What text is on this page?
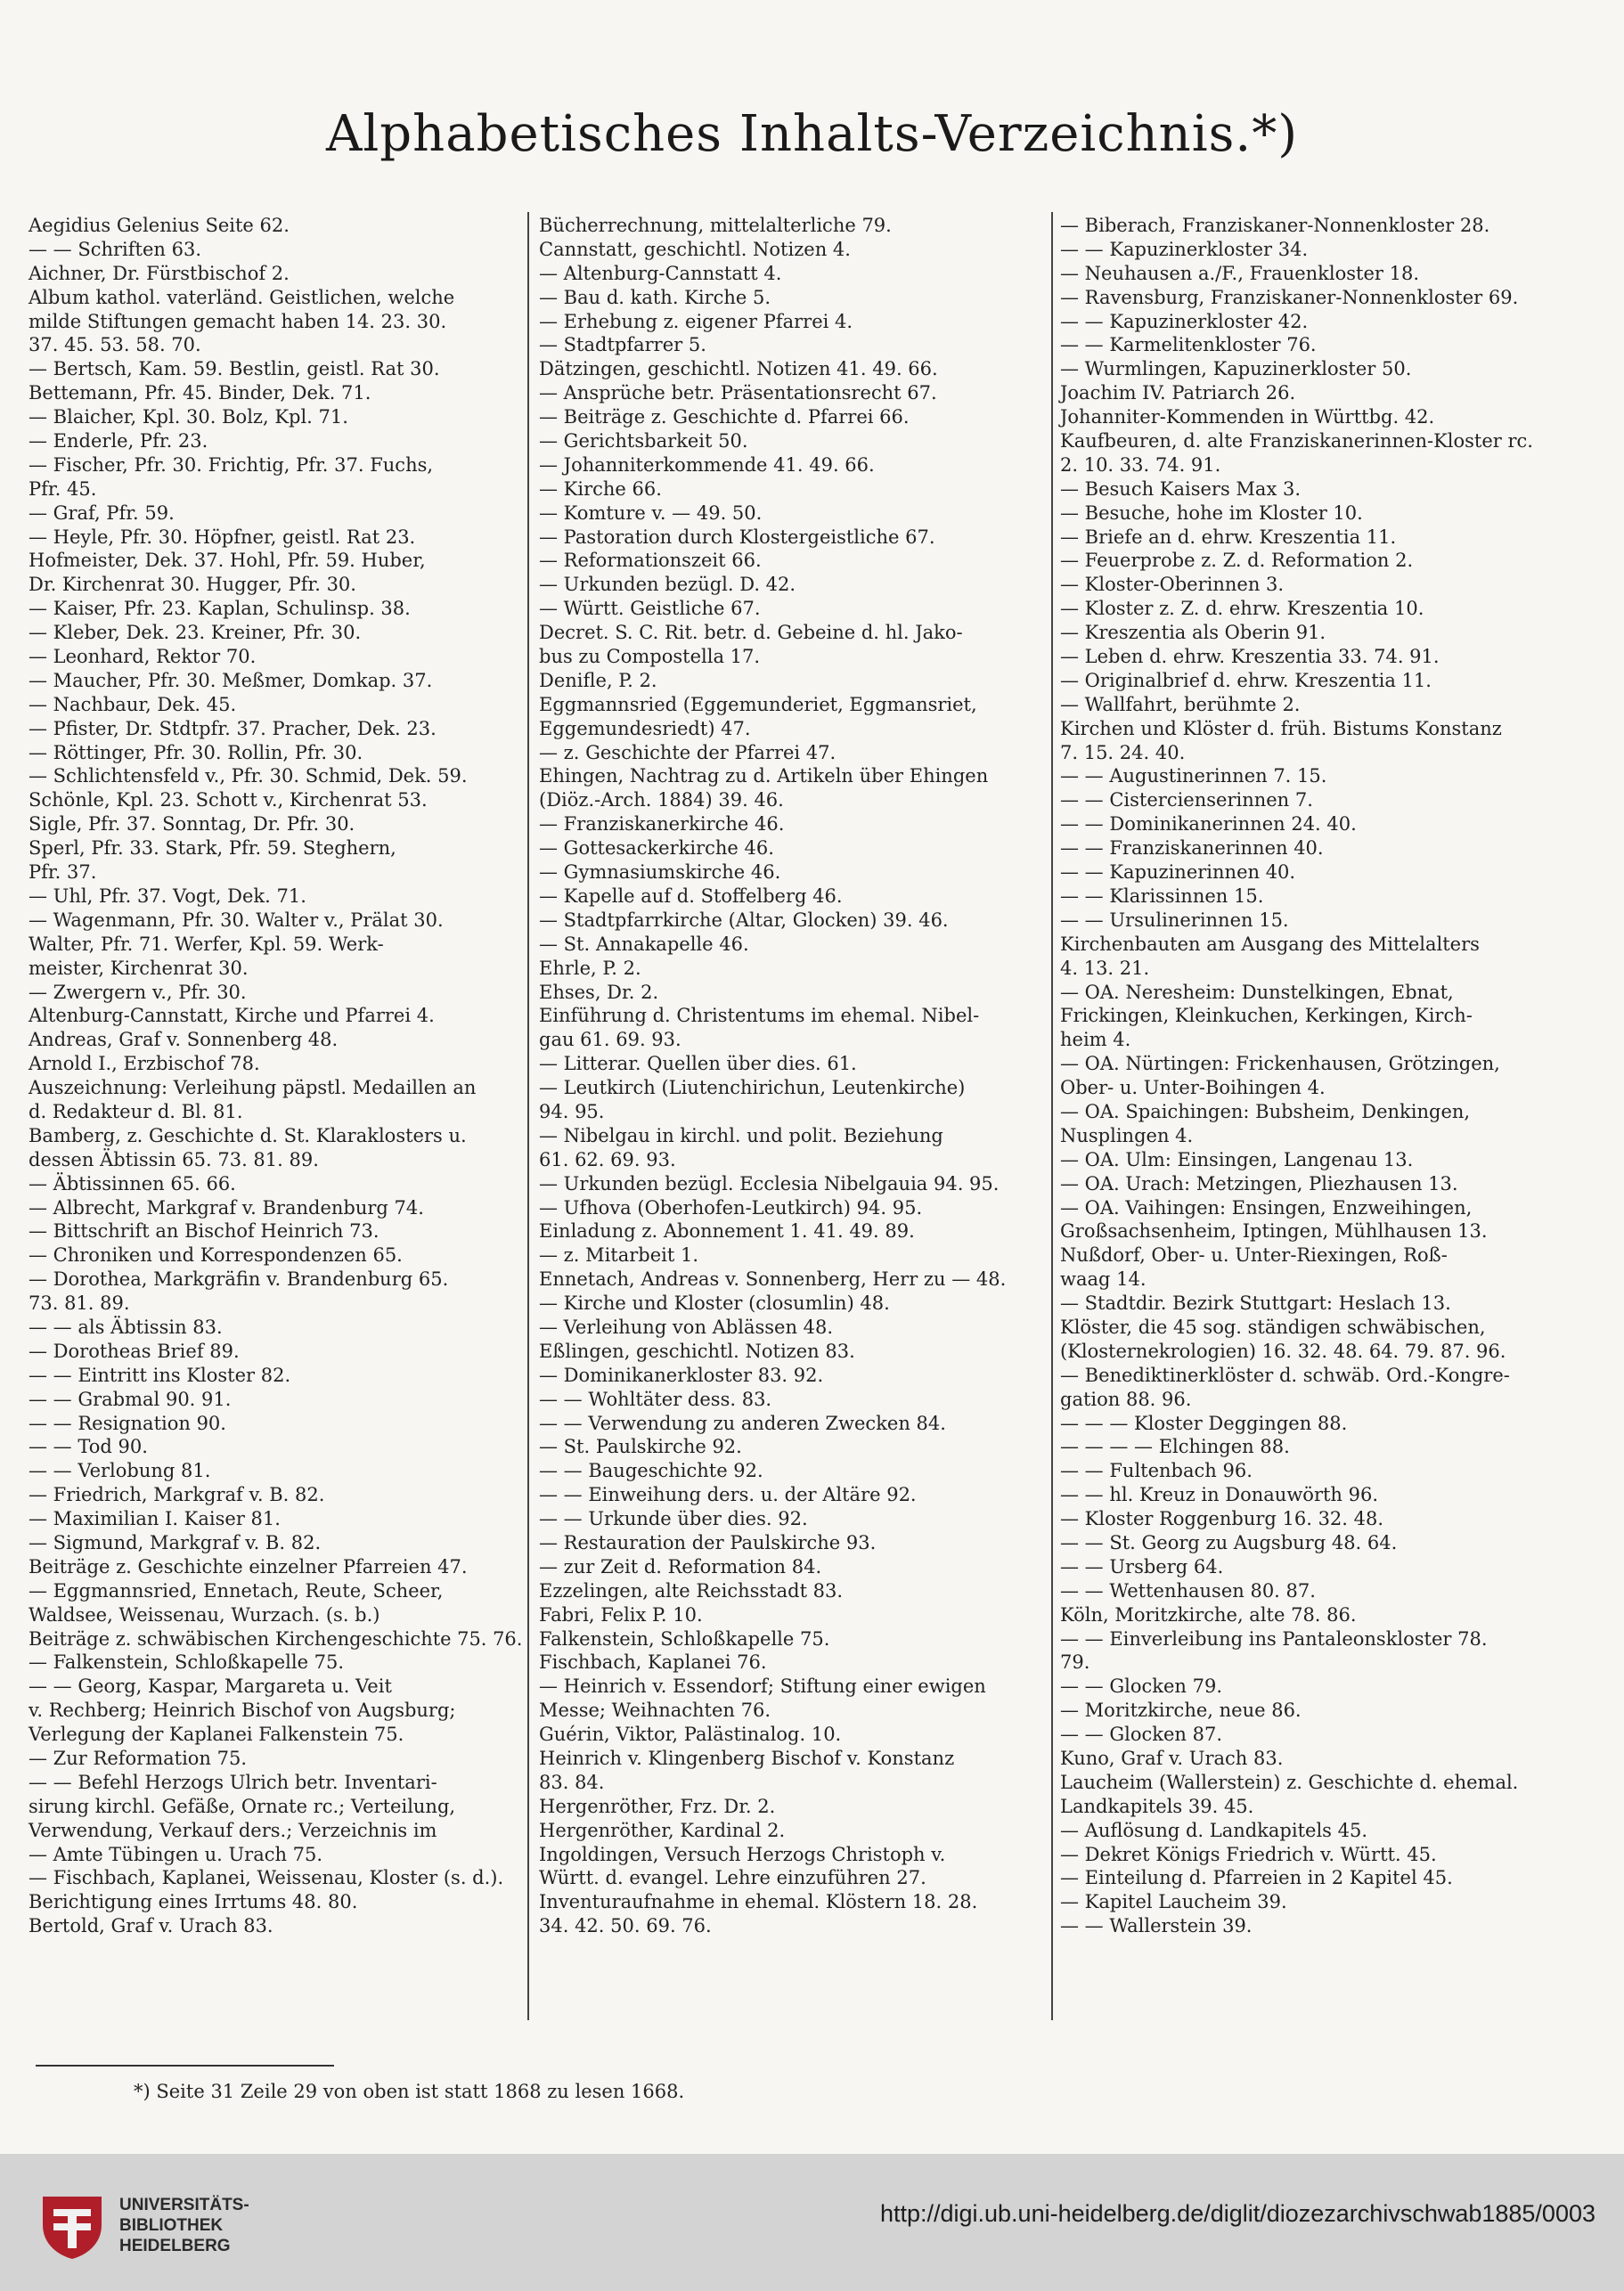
Alphabetisches Inhalts-Verzeichnis.*)
Aegidius Gelenius Seite 62.
— — Schriften 63.
Aichner, Dr. Fürstbischof 2.
Album kathol. vaterländ. Geistlichen, welche
milde Stiftungen gemacht haben 14. 23. 30.
37. 45. 53. 58. 70.
— Bertsch, Kam. 59. Bestlin, geistl. Rat 30.
Bettemann, Pfr. 45. Binder, Dek. 71.
— Blaicher, Kpl. 30. Bolz, Kpl. 71.
— Enderle, Pfr. 23.
— Fischer, Pfr. 30. Frichtig, Pfr. 37. Fuchs,
Pfr. 45.
— Graf, Pfr. 59.
— Heyle, Pfr. 30. Höpfner, geistl. Rat 23.
Hofmeister, Dek. 37. Hohl, Pfr. 59. Huber,
Dr. Kirchenrat 30. Hugger, Pfr. 30.
— Kaiser, Pfr. 23. Kaplan, Schulinsp. 38.
— Kleber, Dek. 23. Kreiner, Pfr. 30.
— Leonhard, Rektor 70.
— Maucher, Pfr. 30. Meßmer, Domkap. 37.
— Nachbaur, Dek. 45.
— Pfister, Dr. Stdtpfr. 37. Pracher, Dek. 23.
— Röttinger, Pfr. 30. Rollin, Pfr. 30.
— Schlichtensfeld v., Pfr. 30. Schmid, Dek. 59.
Schönle, Kpl. 23. Schott v., Kirchenrat 53.
Sigle, Pfr. 37. Sonntag, Dr. Pfr. 30.
Sperl, Pfr. 33. Stark, Pfr. 59. Steghern,
Pfr. 37.
— Uhl, Pfr. 37. Vogt, Dek. 71.
— Wagenmann, Pfr. 30. Walter v., Prälat 30.
Walter, Pfr. 71. Werfer, Kpl. 59. Werk-
meister, Kirchenrat 30.
— Zwergern v., Pfr. 30.
Altenburg-Cannstatt, Kirche und Pfarrei 4.
Andreas, Graf v. Sonnenberg 48.
Arnold I., Erzbischof 78.
Auszeichnung: Verleihung päpstl. Medaillen an
d. Redakteur d. Bl. 81.
Bamberg, z. Geschichte d. St. Klaraklosters u.
dessen Äbtissin 65. 73. 81. 89.
— Äbtissinnen 65. 66.
— Albrecht, Markgraf v. Brandenburg 74.
— Bittschrift an Bischof Heinrich 73.
— Chroniken und Korrespondenzen 65.
— Dorothea, Markgräfin v. Brandenburg 65.
73. 81. 89.
— — als Äbtissin 83.
— Dorotheas Brief 89.
— — Eintritt ins Kloster 82.
— — Grabmal 90. 91.
— — Resignation 90.
— — Tod 90.
— — Verlobung 81.
— Friedrich, Markgraf v. B. 82.
— Maximilian I. Kaiser 81.
— Sigmund, Markgraf v. B. 82.
Beiträge z. Geschichte einzelner Pfarreien 47.
— Eggmannsried, Ennetach, Reute, Scheer,
Waldsee, Weissenau, Wurzach. (s. b.)
Beiträge z. schwäbischen Kirchengeschichte 75. 76.
— Falkenstein, Schloßkapelle 75.
— — Georg, Kaspar, Margareta u. Veit
v. Rechberg; Heinrich Bischof von Augsburg;
Verlegung der Kaplanei Falkenstein 75.
— Zur Reformation 75.
— — Befehl Herzogs Ulrich betr. Inventari-
sirung kirchl. Gefäße, Ornate rc.; Verteilung,
Verwendung, Verkauf ders.; Verzeichnis im
— Amte Tübingen u. Urach 75.
— Fischbach, Kaplanei, Weissenau, Kloster (s. d.).
Berichtigung eines Irrtums 48. 80.
Bertold, Graf v. Urach 83.
Bücherrechnung, mittelalterliche 79.
Cannstatt, geschichtl. Notizen 4.
— Altenburg-Cannstatt 4.
— Bau d. kath. Kirche 5.
— Erhebung z. eigener Pfarrei 4.
— Stadtpfarrer 5.
Dätzingen, geschichtl. Notizen 41. 49. 66.
— Ansprüche betr. Präsentationsrecht 67.
— Beiträge z. Geschichte d. Pfarrei 66.
— Gerichtsbarkeit 50.
— Johanniterkommende 41. 49. 66.
— Kirche 66.
— Komture v. — 49. 50.
— Pastoration durch Klostergeistliche 67.
— Reformationszeit 66.
— Urkunden bezügl. D. 42.
— Württ. Geistliche 67.
Decret. S. C. Rit. betr. d. Gebeine d. hl. Jako-
bus zu Compostella 17.
Denifle, P. 2.
Eggmannsried (Eggemunderiet, Eggmansriet,
Eggemundesriedt) 47.
— z. Geschichte der Pfarrei 47.
Ehingen, Nachtrag zu d. Artikeln über Ehingen
(Diöz.-Arch. 1884) 39. 46.
— Franziskanerkirche 46.
— Gottesackerkirche 46.
— Gymnasiumskirche 46.
— Kapelle auf d. Stoffelberg 46.
— Stadtpfarrkirche (Altar, Glocken) 39. 46.
— St. Annakapelle 46.
Ehrle, P. 2.
Ehses, Dr. 2.
Einführung d. Christentums im ehemal. Nibel-
gau 61. 69. 93.
— Litterar. Quellen über dies. 61.
— Leutkirch (Liutenchirichun, Leutenkirche)
94. 95.
— Nibelgau in kirchl. und polit. Beziehung
61. 62. 69. 93.
— Urkunden bezügl. Ecclesia Nibelgauia 94. 95.
— Ufhova (Oberhofen-Leutkirch) 94. 95.
Einladung z. Abonnement 1. 41. 49. 89.
— z. Mitarbeit 1.
Ennetach, Andreas v. Sonnenberg, Herr zu — 48.
— Kirche und Kloster (closumlin) 48.
— Verleihung von Ablässen 48.
Eßlingen, geschichtl. Notizen 83.
— Dominikanerkloster 83. 92.
— — Wohltäter dess. 83.
— — Verwendung zu anderen Zwecken 84.
— St. Paulskirche 92.
— — Baugeschichte 92.
— — Einweihung ders. u. der Altäre 92.
— — Urkunde über dies. 92.
— Restauration der Paulskirche 93.
— zur Zeit d. Reformation 84.
Ezzelingen, alte Reichsstadt 83.
Fabri, Felix P. 10.
Falkenstein, Schloßkapelle 75.
Fischbach, Kaplanei 76.
— Heinrich v. Essendorf; Stiftung einer ewigen
Messe; Weihnachten 76.
Guérin, Viktor, Palästinalog. 10.
Heinrich v. Klingenberg Bischof v. Konstanz
83. 84.
Hergenröther, Frz. Dr. 2.
Hergenröther, Kardinal 2.
Ingoldingen, Versuch Herzogs Christoph v.
Württ. d. evangel. Lehre einzuführen 27.
Inventuraufnahme in ehemal. Klöstern 18. 28.
34. 42. 50. 69. 76.
— Biberach, Franziskaner-Nonnenkloster 28.
— — Kapuzinerkloster 34.
— Neuhausen a./F., Frauenkloster 18.
— Ravensburg, Franziskaner-Nonnenkloster 69.
— — Kapuzinerkloster 42.
— — Karmelitenkloster 76.
— Wurmlingen, Kapuzinerkloster 50.
Joachim IV. Patriarch 26.
Johanniter-Kommenden in Württbg. 42.
Kaufbeuren, d. alte Franziskanerinnen-Kloster rc.
2. 10. 33. 74. 91.
— Besuch Kaisers Max 3.
— Besuche, hohe im Kloster 10.
— Briefe an d. ehrw. Kreszentia 11.
— Feuerprobe z. Z. d. Reformation 2.
— Kloster-Oberinnen 3.
— Kloster z. Z. d. ehrw. Kreszentia 10.
— Kreszentia als Oberin 91.
— Leben d. ehrw. Kreszentia 33. 74. 91.
— Originalbrief d. ehrw. Kreszentia 11.
— Wallfahrt, berühmte 2.
Kirchen und Klöster d. früh. Bistums Konstanz
7. 15. 24. 40.
— — Augustinerinnen 7. 15.
— — Cistercienserinnen 7.
— — Dominikanerinnen 24. 40.
— — Franziskanerinnen 40.
— — Kapuzinerinnen 40.
— — Klarissinnen 15.
— — Ursulinerinnen 15.
Kirchenbauten am Ausgang des Mittelalters
4. 13. 21.
— OA. Neresheim: Dunstelkingen, Ebnat,
Frickingen, Kleinkuchen, Kerkingen, Kirch-
heim 4.
— OA. Nürtingen: Frickenhausen, Grötzingen,
Ober- u. Unter-Boihingen 4.
— OA. Spaichingen: Bubsheim, Denkingen,
Nusplingen 4.
— OA. Ulm: Einsingen, Langenau 13.
— OA. Urach: Metzingen, Pliezhausen 13.
— OA. Vaihingen: Ensingen, Enzweihingen,
Großsachsenheim, Iptingen, Mühlhausen 13.
Nußdorf, Ober- u. Unter-Riexingen, Roß-
waag 14.
— Stadtdir. Bezirk Stuttgart: Heslach 13.
Klöster, die 45 sog. ständigen schwäbischen,
(Klosternekrologien) 16. 32. 48. 64. 79. 87. 96.
— Benediktinerklöster d. schwäb. Ord.-Kongre-
gation 88. 96.
— — — Kloster Deggingen 88.
— — — — Elchingen 88.
— — Fultenbach 96.
— — hl. Kreuz in Donauwörth 96.
— Kloster Roggenburg 16. 32. 48.
— — St. Georg zu Augsburg 48. 64.
— — Ursberg 64.
— — Wettenhausen 80. 87.
Köln, Moritzkirche, alte 78. 86.
— — Einverleibung ins Pantaleonskloster 78.
79.
— — Glocken 79.
— Moritzkirche, neue 86.
— — Glocken 87.
Kuno, Graf v. Urach 83.
Laucheim (Wallerstein) z. Geschichte d. ehemal.
Landkapitels 39. 45.
— Auflösung d. Landkapitels 45.
— Dekret Königs Friedrich v. Württ. 45.
— Einteilung d. Pfarreien in 2 Kapitel 45.
— Kapitel Laucheim 39.
— — Wallerstein 39.
*) Seite 31 Zeile 29 von oben ist statt 1868 zu lesen 1668.
UNIVERSITÄTS-
BIBLIOTHEK
HEIDELBERG
http://digi.ub.uni-heidelberg.de/diglit/diozezarchivschwab1885/0003
